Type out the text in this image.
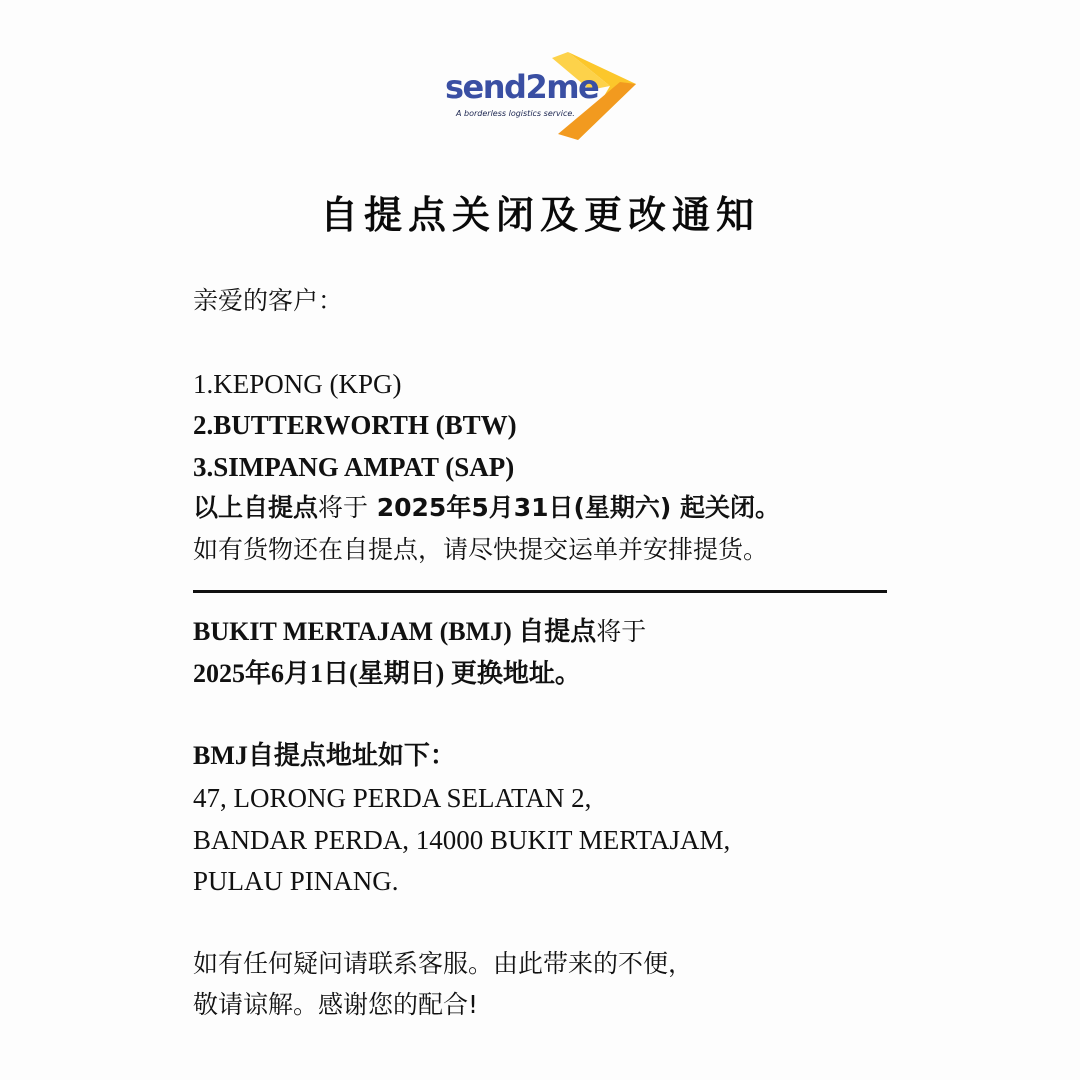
send2me
A borderless logistics service.
自提点关闭及更改通知
亲爱的客户：
1.KEPONG (KPG)
2.BUTTERWORTH (BTW)
3.SIMPANG AMPAT (SAP)
以上自提点将于 2025年5月31日(星期六) 起关闭。
如有货物还在自提点，请尽快提交运单并安排提货。
BUKIT MERTAJAM (BMJ) 自提点将于
2025年6月1日(星期日) 更换地址。
BMJ自提点地址如下：
47, LORONG PERDA SELATAN 2,
BANDAR PERDA, 14000 BUKIT MERTAJAM,
PULAU PINANG.
如有任何疑问请联系客服。由此带来的不便，
敬请谅解。感谢您的配合!
